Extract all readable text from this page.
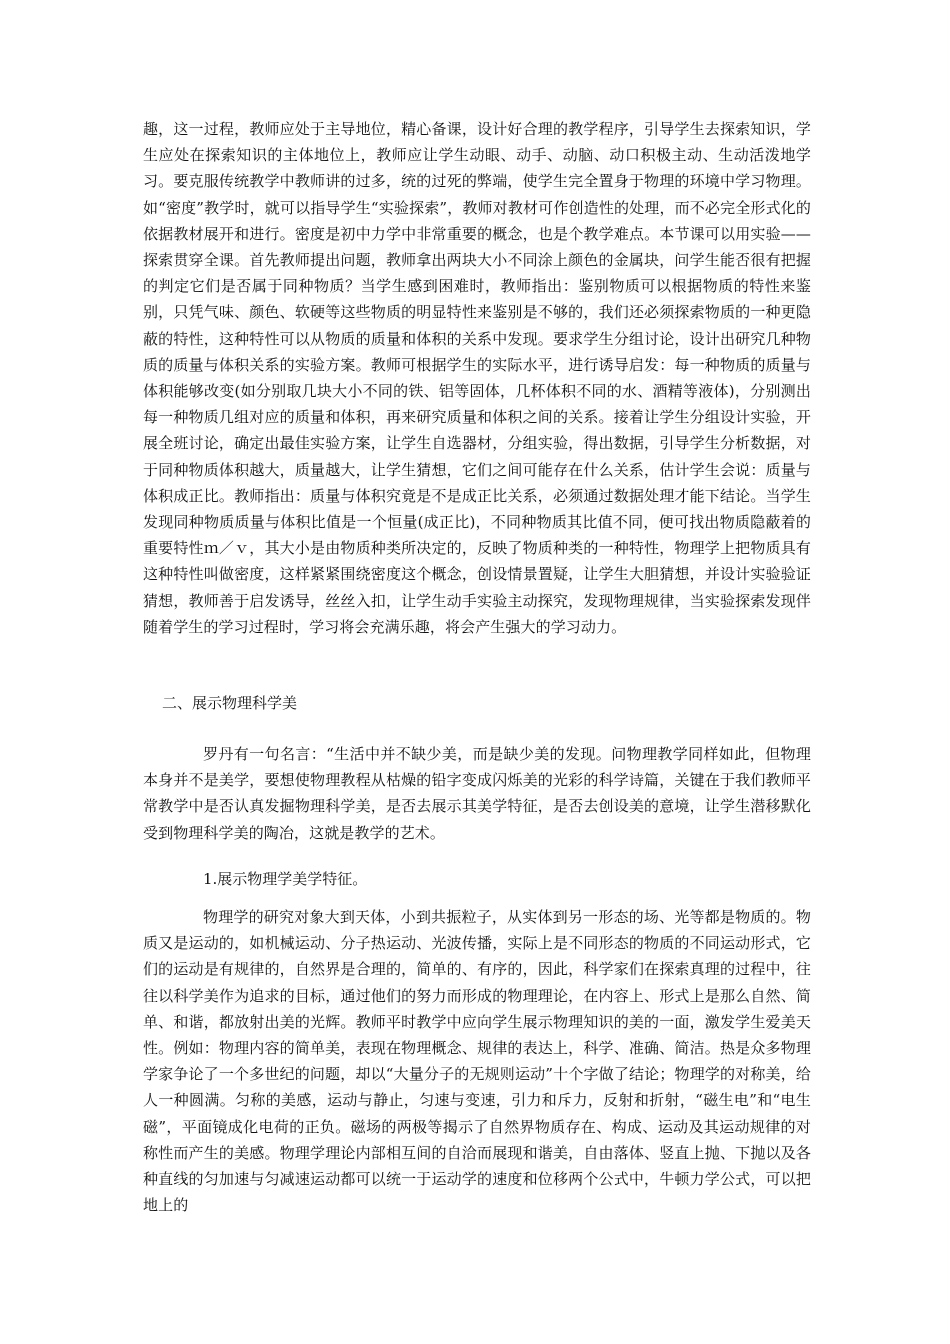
趣，这一过程，教师应处于主导地位，精心备课，设计好合理的教学程序，引导学生去探索知识，学生应处在探索知识的主体地位上，教师应让学生动眼、动手、动脑、动口积极主动、生动活泼地学习。要克服传统教学中教师讲的过多，统的过死的弊端，使学生完全置身于物理的环境中学习物理。如“密度”教学时，就可以指导学生“实验探索”，教师对教材可作创造性的处理，而不必完全形式化的依据教材展开和进行。密度是初中力学中非常重要的概念，也是个教学难点。本节课可以用实验——探索贯穿全课。首先教师提出问题，教师拿出两块大小不同涂上颜色的金属块，问学生能否很有把握的判定它们是否属于同种物质？当学生感到困难时，教师指出：鉴别物质可以根据物质的特性来鉴别，只凭气味、颜色、软硬等这些物质的明显特性来鉴别是不够的，我们还必须探索物质的一种更隐蔽的特性，这种特性可以从物质的质量和体积的关系中发现。要求学生分组讨论，设计出研究几种物质的质量与体积关系的实验方案。教师可根据学生的实际水平，进行诱导启发：每一种物质的质量与体积能够改变(如分别取几块大小不同的铁、铝等固体，几杯体积不同的水、酒精等液体)，分别测出每一种物质几组对应的质量和体积，再来研究质量和体积之间的关系。接着让学生分组设计实验，开展全班讨论，确定出最佳实验方案，让学生自选器材，分组实验，得出数据，引导学生分析数据，对于同种物质体积越大，质量越大，让学生猜想，它们之间可能存在什么关系，估计学生会说：质量与体积成正比。教师指出：质量与体积究竟是不是成正比关系，必须通过数据处理才能下结论。当学生发现同种物质质量与体积比值是一个恒量(成正比)，不同种物质其比值不同，便可找出物质隐蔽着的重要特性ｍ／ｖ，其大小是由物质种类所决定的，反映了物质种类的一种特性，物理学上把物质具有这种特性叫做密度，这样紧紧围绕密度这个概念，创设情景置疑，让学生大胆猜想，并设计实验验证猜想，教师善于启发诱导，丝丝入扣，让学生动手实验主动探究，发现物理规律，当实验探索发现伴随着学生的学习过程时，学习将会充满乐趣，将会产生强大的学习动力。

二、展示物理科学美

罗丹有一句名言：“生活中并不缺少美，而是缺少美的发现。问物理教学同样如此，但物理本身并不是美学，要想使物理教程从枯燥的铅字变成闪烁美的光彩的科学诗篇，关键在于我们教师平常教学中是否认真发掘物理科学美，是否去展示其美学特征，是否去创设美的意境，让学生潜移默化受到物理科学美的陶冶，这就是教学的艺术。

1.展示物理学美学特征。

物理学的研究对象大到天体，小到共振粒子，从实体到另一形态的场、光等都是物质的。物质又是运动的，如机械运动、分子热运动、光波传播，实际上是不同形态的物质的不同运动形式，它们的运动是有规律的，自然界是合理的，简单的、有序的，因此，科学家们在探索真理的过程中，往往以科学美作为追求的目标，通过他们的努力而形成的物理理论，在内容上、形式上是那么自然、简单、和谐，都放射出美的光辉。教师平时教学中应向学生展示物理知识的美的一面，激发学生爱美天性。例如：物理内容的简单美，表现在物理概念、规律的表达上，科学、准确、简洁。热是众多物理学家争论了一个多世纪的问题，却以“大量分子的无规则运动”十个字做了结论；物理学的对称美，给人一种圆满。匀称的美感，运动与静止，匀速与变速，引力和斥力，反射和折射，“磁生电”和“电生磁”，平面镜成化电荷的正负。磁场的两极等揭示了自然界物质存在、构成、运动及其运动规律的对称性而产生的美感。物理学理论内部相互间的自洽而展现和谐美，自由落体、竖直上抛、下抛以及各种直线的匀加速与匀减速运动都可以统一于运动学的速度和位移两个公式中，牛顿力学公式，可以把地上的
